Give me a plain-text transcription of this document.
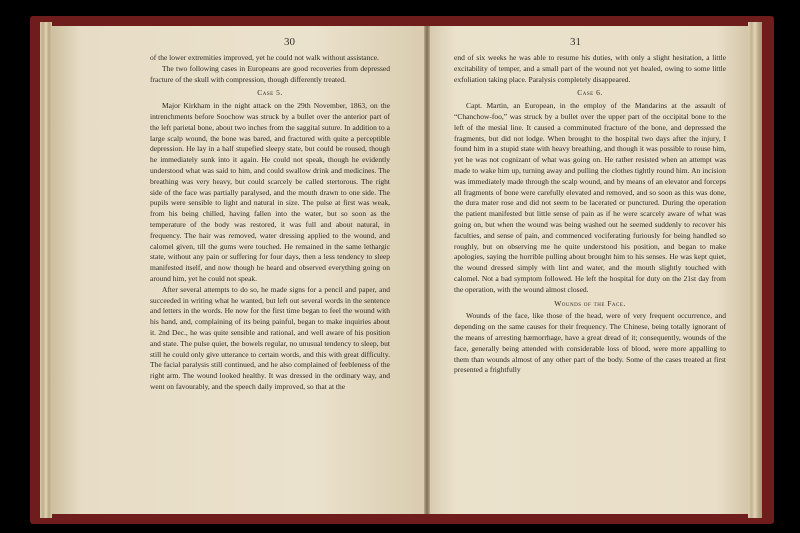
30

of the lower extremities improved, yet he could not walk without assistance.

The two following cases in Europeans are good recoveries from depressed fracture of the skull with compression, though differently treated.

Case 5.

Major Kirkham in the night attack on the 29th November, 1863, on the intrenchments before Soochow was struck by a bullet over the anterior part of the left parietal bone, about two inches from the saggital suture. In addition to a large scalp wound, the bone was bared, and fractured with quite a perceptible depression. He lay in a half stupefied sleepy state, but could be roused, though he immediately sunk into it again. He could not speak, though he evidently understood what was said to him, and could swallow drink and medicines. The breathing was very heavy, but could scarcely be called stertorous. The right side of the face was partially paralysed, and the mouth drawn to one side. The pupils were sensible to light and natural in size. The pulse at first was weak, from his being chilled, having fallen into the water, but so soon as the temperature of the body was restored, it was full and about natural, in frequency. The hair was removed, water dressing applied to the wound, and calomel given, till the gums were touched. He remained in the same lethargic state, without any pain or suffering for four days, then a less tendency to sleep manifested itself, and now though he heard and observed everything going on around him, yet he could not speak.

After several attempts to do so, he made signs for a pencil and paper, and succeeded in writing what he wanted, but left out several words in the sentence and letters in the words. He now for the first time began to feel the wound with his hand, and, complaining of its being painful, began to make inquiries about it. 2nd Dec., he was quite sensible and rational, and well aware of his position and state. The pulse quiet, the bowels regular, no unusual tendency to sleep, but still he could only give utterance to certain words, and this with great difficulty. The facial paralysis still continued, and he also complained of feebleness of the right arm. The wound looked healthy. It was dressed in the ordinary way, and went on favourably, and the speech daily improved, so that at the

31

end of six weeks he was able to resume his duties, with only a slight hesitation, a little excitability of temper, and a small part of the wound not yet healed, owing to some little exfoliation taking place. Paralysis completely disappeared.

Case 6.

Capt. Martin, an European, in the employ of the Mandarins at the assault of “Chanchow-foo,” was struck by a bullet over the upper part of the occipital bone to the left of the mesial line. It caused a comminuted fracture of the bone, and depressed the fragments, but did not lodge. When brought to the hospital two days after the injury, I found him in a stupid state with heavy breathing, and though it was possible to rouse him, yet he was not cognizant of what was going on. He rather resisted when an attempt was made to wake him up, turning away and pulling the clothes tightly round him. An incision was immediately made through the scalp wound, and by means of an elevator and forceps all fragments of bone were carefully elevated and removed, and so soon as this was done, the dura mater rose and did not seem to be lacerated or punctured. During the operation the patient manifested but little sense of pain as if he were scarcely aware of what was going on, but when the wound was being washed out he seemed suddenly to recover his faculties, and sense of pain, and commenced vociferating furiously for being handled so roughly, but on observing me he quite understood his position, and began to make apologies, saying the horrible pulling about brought him to his senses. He was kept quiet, the wound dressed simply with lint and water, and the mouth slightly touched with calomel. Not a bad symptom followed. He left the hospital for duty on the 21st day from the operation, with the wound almost closed.

Wounds of the Face.

Wounds of the face, like those of the head, were of very frequent occurrence, and depending on the same causes for their frequency. The Chinese, being totally ignorant of the means of arresting hæmorrhage, have a great dread of it; consequently, wounds of the face, generally being attended with considerable loss of blood, were more appalling to them than wounds almost of any other part of the body. Some of the cases treated at first presented a frightfully
